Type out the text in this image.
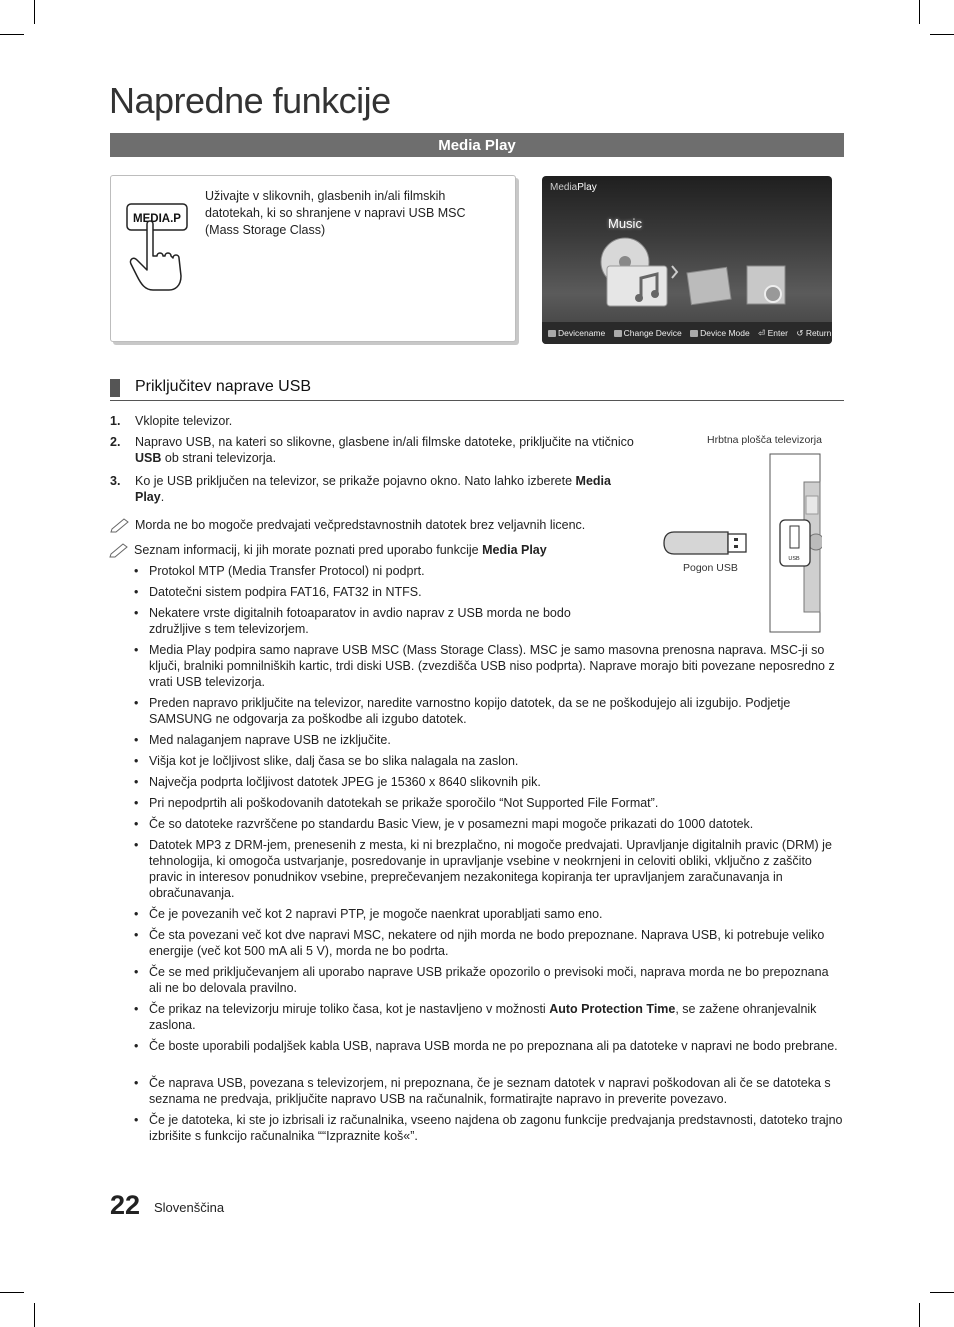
Napredne funkcije
Media Play
MEDIA.P
Uživajte v slikovnih, glasbenih in/ali filmskih datotekah, ki so shranjene v napravi USB MSC (Mass Storage Class)
MediaPlay
Music
Devicename Change Device Device Mode ⏎ Enter ↺ Return
Priključitev naprave USB
1. Vklopite televizor.
2. Napravo USB, na kateri so slikovne, glasbene in/ali filmske datoteke, priključite na vtičnico USB ob strani televizorja.
3. Ko je USB priključen na televizor, se prikaže pojavno okno. Nato lahko izberete Media Play.
Morda ne bo mogoče predvajati večpredstavnostnih datotek brez veljavnih licenc.
Seznam informacij, ki jih morate poznati pred uporabo funkcije Media Play
• Protokol MTP (Media Transfer Protocol) ni podprt.
• Datotečni sistem podpira FAT16, FAT32 in NTFS.
• Nekatere vrste digitalnih fotoaparatov in avdio naprav z USB morda ne bodo združljive s tem televizorjem.
• Media Play podpira samo naprave USB MSC (Mass Storage Class). MSC je samo masovna prenosna naprava. MSC-ji so ključi, bralniki pomnilniških kartic, trdi diski USB. (zvezdišča USB niso podprta). Naprave morajo biti povezane neposredno z vrati USB televizorja.
• Preden napravo priključite na televizor, naredite varnostno kopijo datotek, da se ne poškodujejo ali izgubijo. Podjetje SAMSUNG ne odgovarja za poškodbe ali izgubo datotek.
• Med nalaganjem naprave USB ne izključite.
• Višja kot je ločljivost slike, dalj časa se bo slika nalagala na zaslon.
• Največja podprta ločljivost datotek JPEG je 15360 x 8640 slikovnih pik.
• Pri nepodprtih ali poškodovanih datotekah se prikaže sporočilo “Not Supported File Format”.
• Če so datoteke razvrščene po standardu Basic View, je v posamezni mapi mogoče prikazati do 1000 datotek.
• Datotek MP3 z DRM-jem, prenesenih z mesta, ki ni brezplačno, ni mogoče predvajati. Upravljanje digitalnih pravic (DRM) je tehnologija, ki omogoča ustvarjanje, posredovanje in upravljanje vsebine v neokrnjeni in celoviti obliki, vključno z zaščito pravic in interesov ponudnikov vsebine, preprečevanjem nezakonitega kopiranja ter upravljanjem zaračunavanja in obračunavanja.
• Če je povezanih več kot 2 napravi PTP, je mogoče naenkrat uporabljati samo eno.
• Če sta povezani več kot dve napravi MSC, nekatere od njih morda ne bodo prepoznane. Naprava USB, ki potrebuje veliko energije (več kot 500 mA ali 5 V), morda ne bo podrta.
• Če se med priključevanjem ali uporabo naprave USB prikaže opozorilo o previsoki moči, naprava morda ne bo prepoznana ali ne bo delovala pravilno.
• Če prikaz na televizorju miruje toliko časa, kot je nastavljeno v možnosti Auto Protection Time, se zažene ohranjevalnik zaslona.
• Če boste uporabili podaljšek kabla USB, naprava USB morda ne po prepoznana ali pa datoteke v napravi ne bodo prebrane.
• Če naprava USB, povezana s televizorjem, ni prepoznana, če je seznam datotek v napravi poškodovan ali če se datoteka s seznama ne predvaja, priključite napravo USB na računalnik, formatirajte napravo in preverite povezavo.
• Če je datoteka, ki ste jo izbrisali iz računalnika, vseeno najdena ob zagonu funkcije predvajanja predstavnosti, datoteko trajno izbrišite s funkcijo računalnika ““Izpraznite koš«”.
Hrbtna plošča televizorja
USB
Pogon USB
22 Slovenščina
